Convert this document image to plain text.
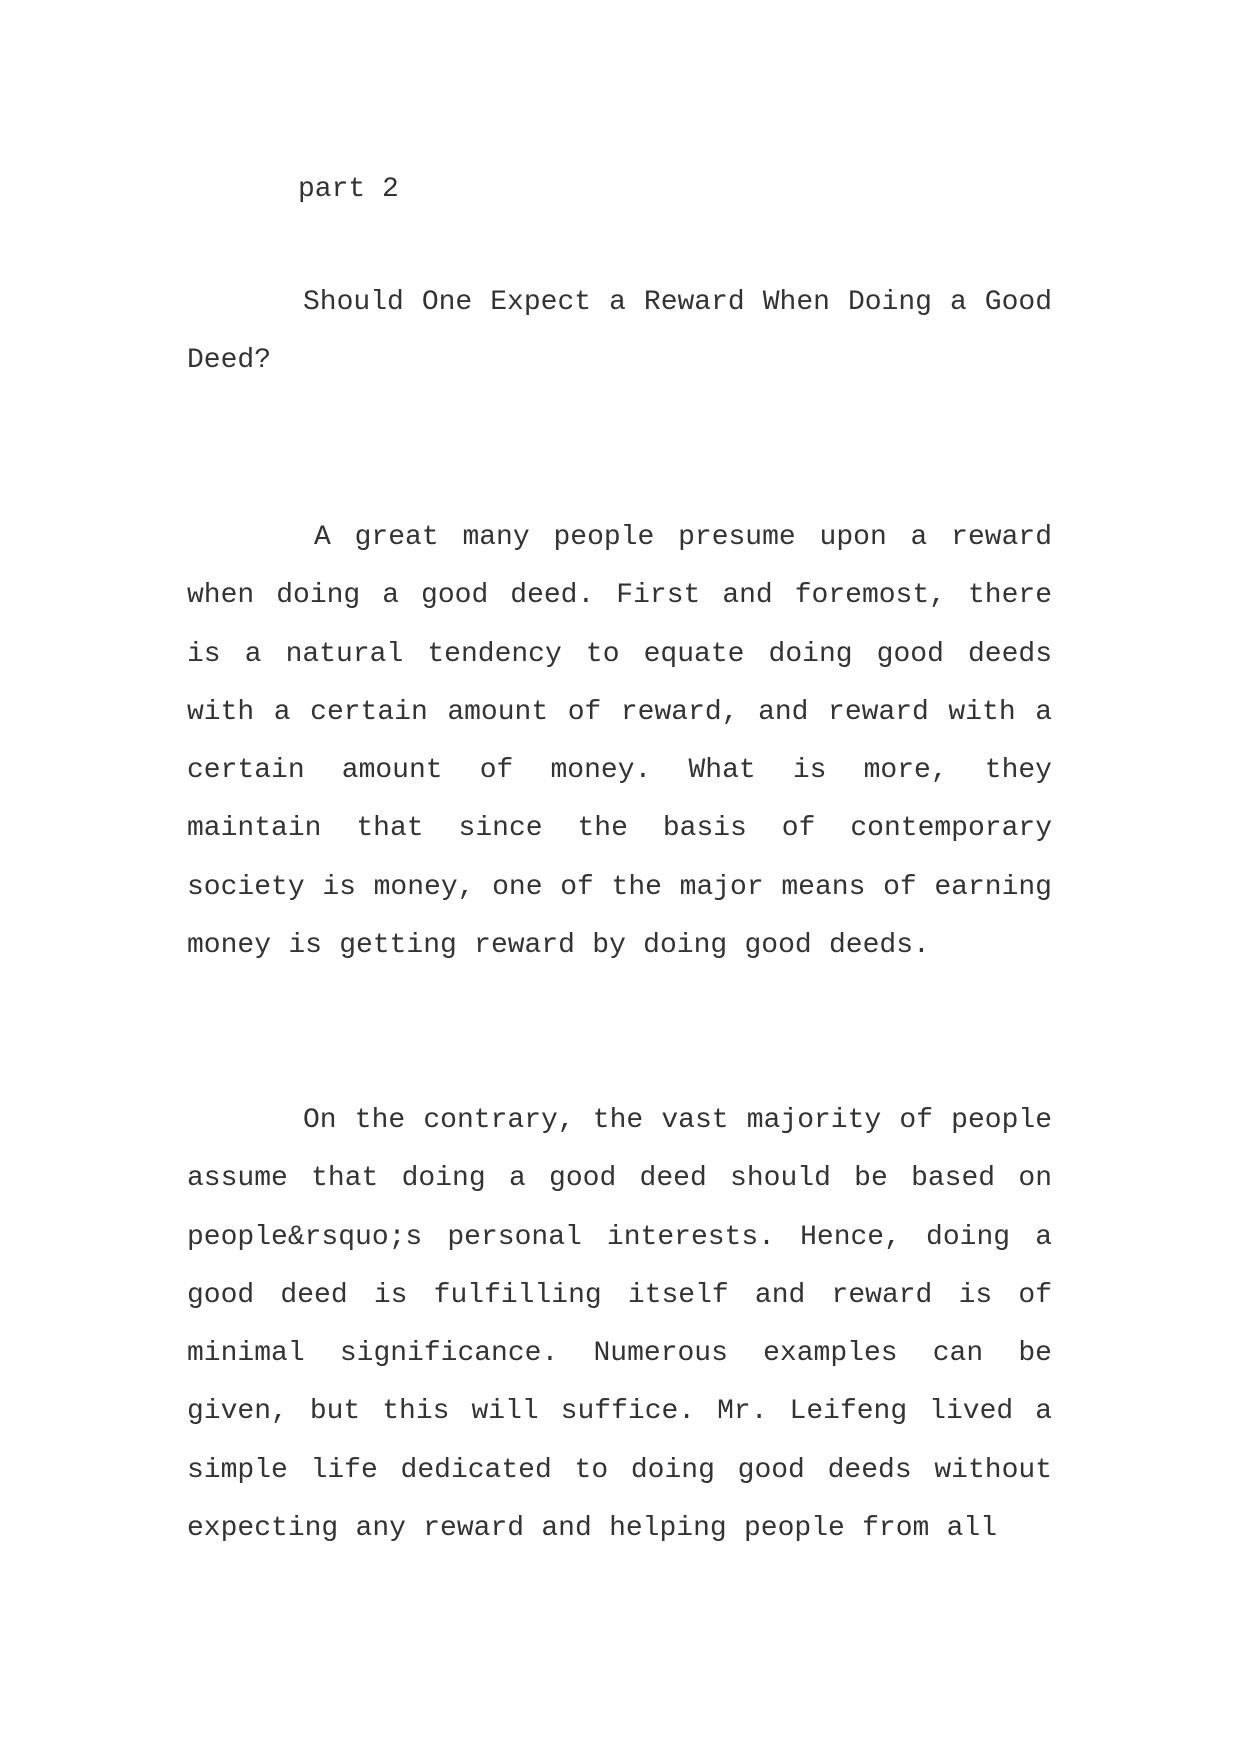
part 2
Should One Expect a Reward When Doing a Good Deed?
A great many people presume upon a reward when doing a good deed. First and foremost, there is a natural tendency to equate doing good deeds with a certain amount of reward, and reward with a certain amount of money. What is more, they maintain that since the basis of contemporary society is money, one of the major means of earning money is getting reward by doing good deeds.
On the contrary, the vast majority of people assume that doing a good deed should be based on people&rsquo;s personal interests. Hence, doing a good deed is fulfilling itself and reward is of minimal significance. Numerous examples can be given, but this will suffice. Mr. Leifeng lived a simple life dedicated to doing good deeds without expecting any reward and helping people from all
